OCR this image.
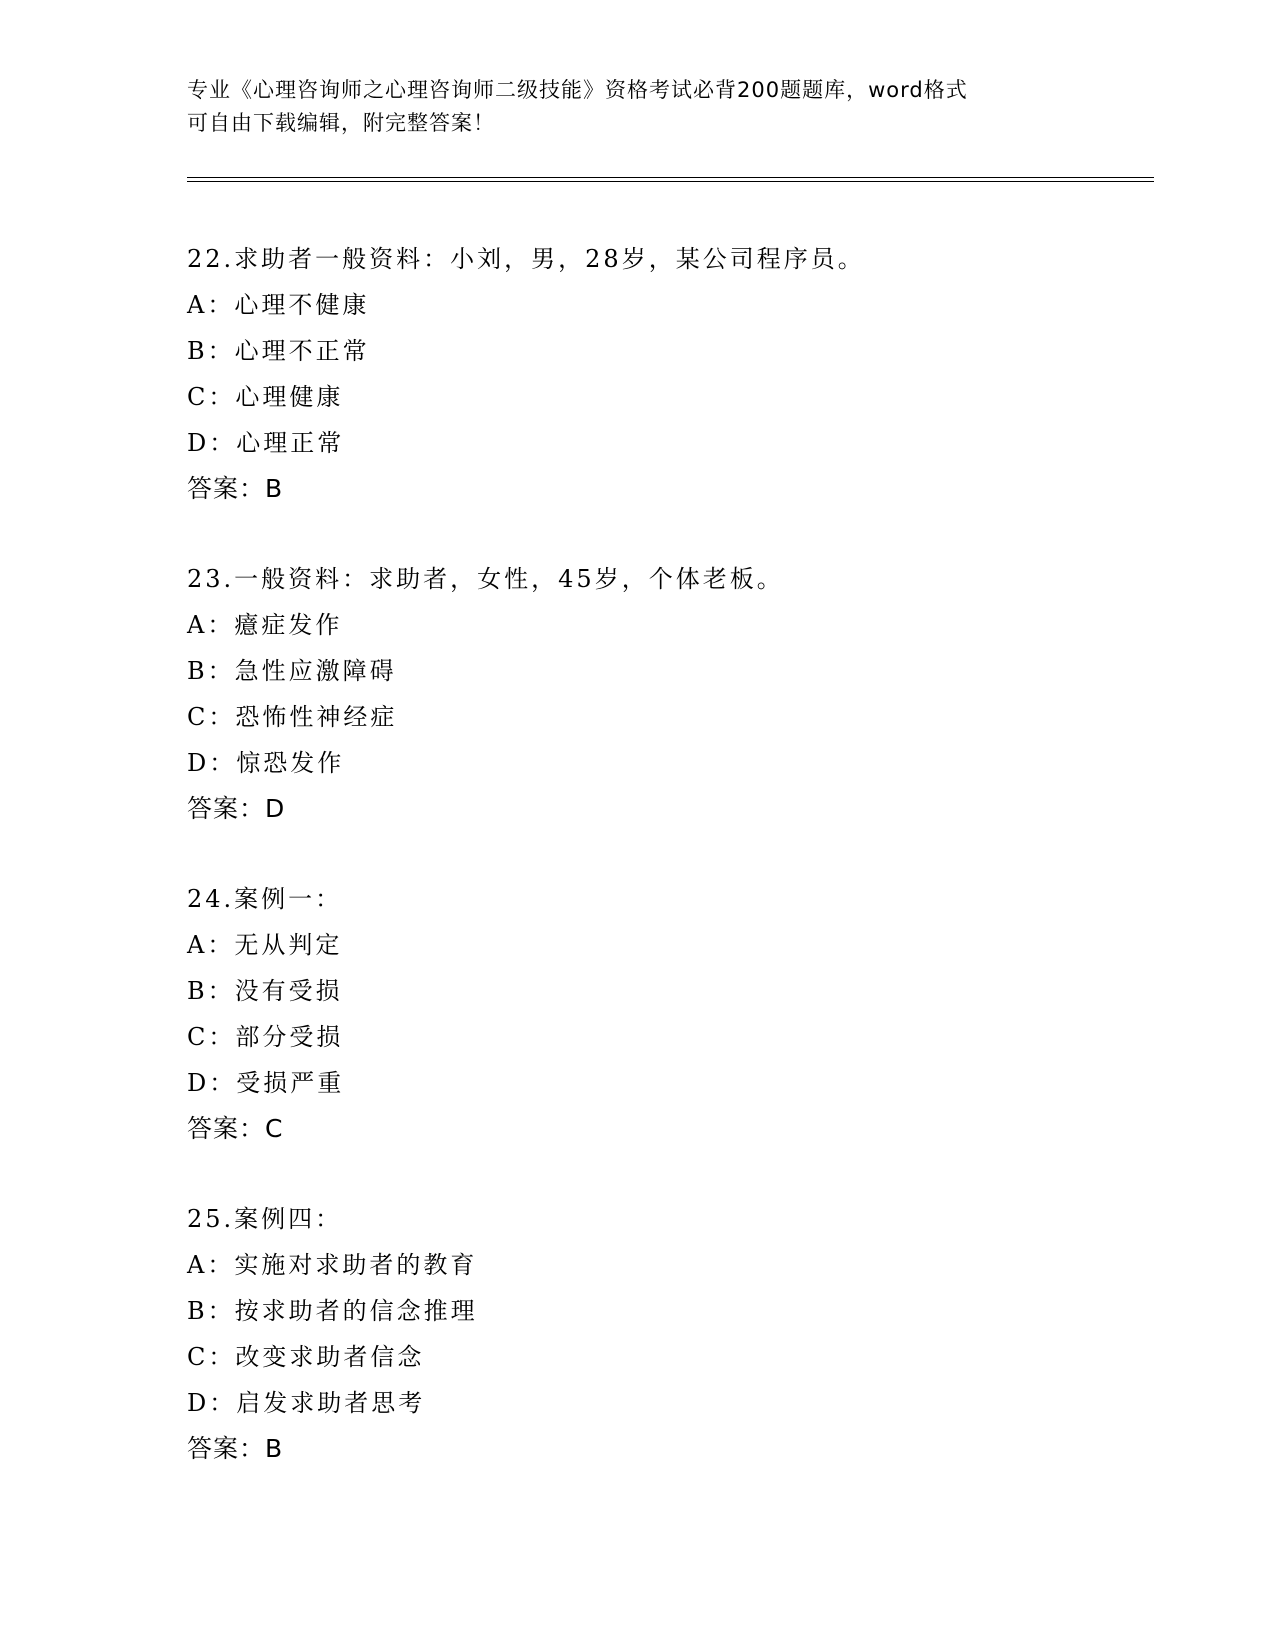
专业《心理咨询师之心理咨询师二级技能》资格考试必背200题题库，word格式
可自由下载编辑，附完整答案！
22.求助者一般资料：小刘，男，28岁，某公司程序员。
A：心理不健康
B：心理不正常
C：心理健康
D：心理正常
答案：B
23.一般资料：求助者，女性，45岁，个体老板。
A：癔症发作
B：急性应激障碍
C：恐怖性神经症
D：惊恐发作
答案：D
24.案例一：
A：无从判定
B：没有受损
C：部分受损
D：受损严重
答案：C
25.案例四：
A：实施对求助者的教育
B：按求助者的信念推理
C：改变求助者信念
D：启发求助者思考
答案：B
